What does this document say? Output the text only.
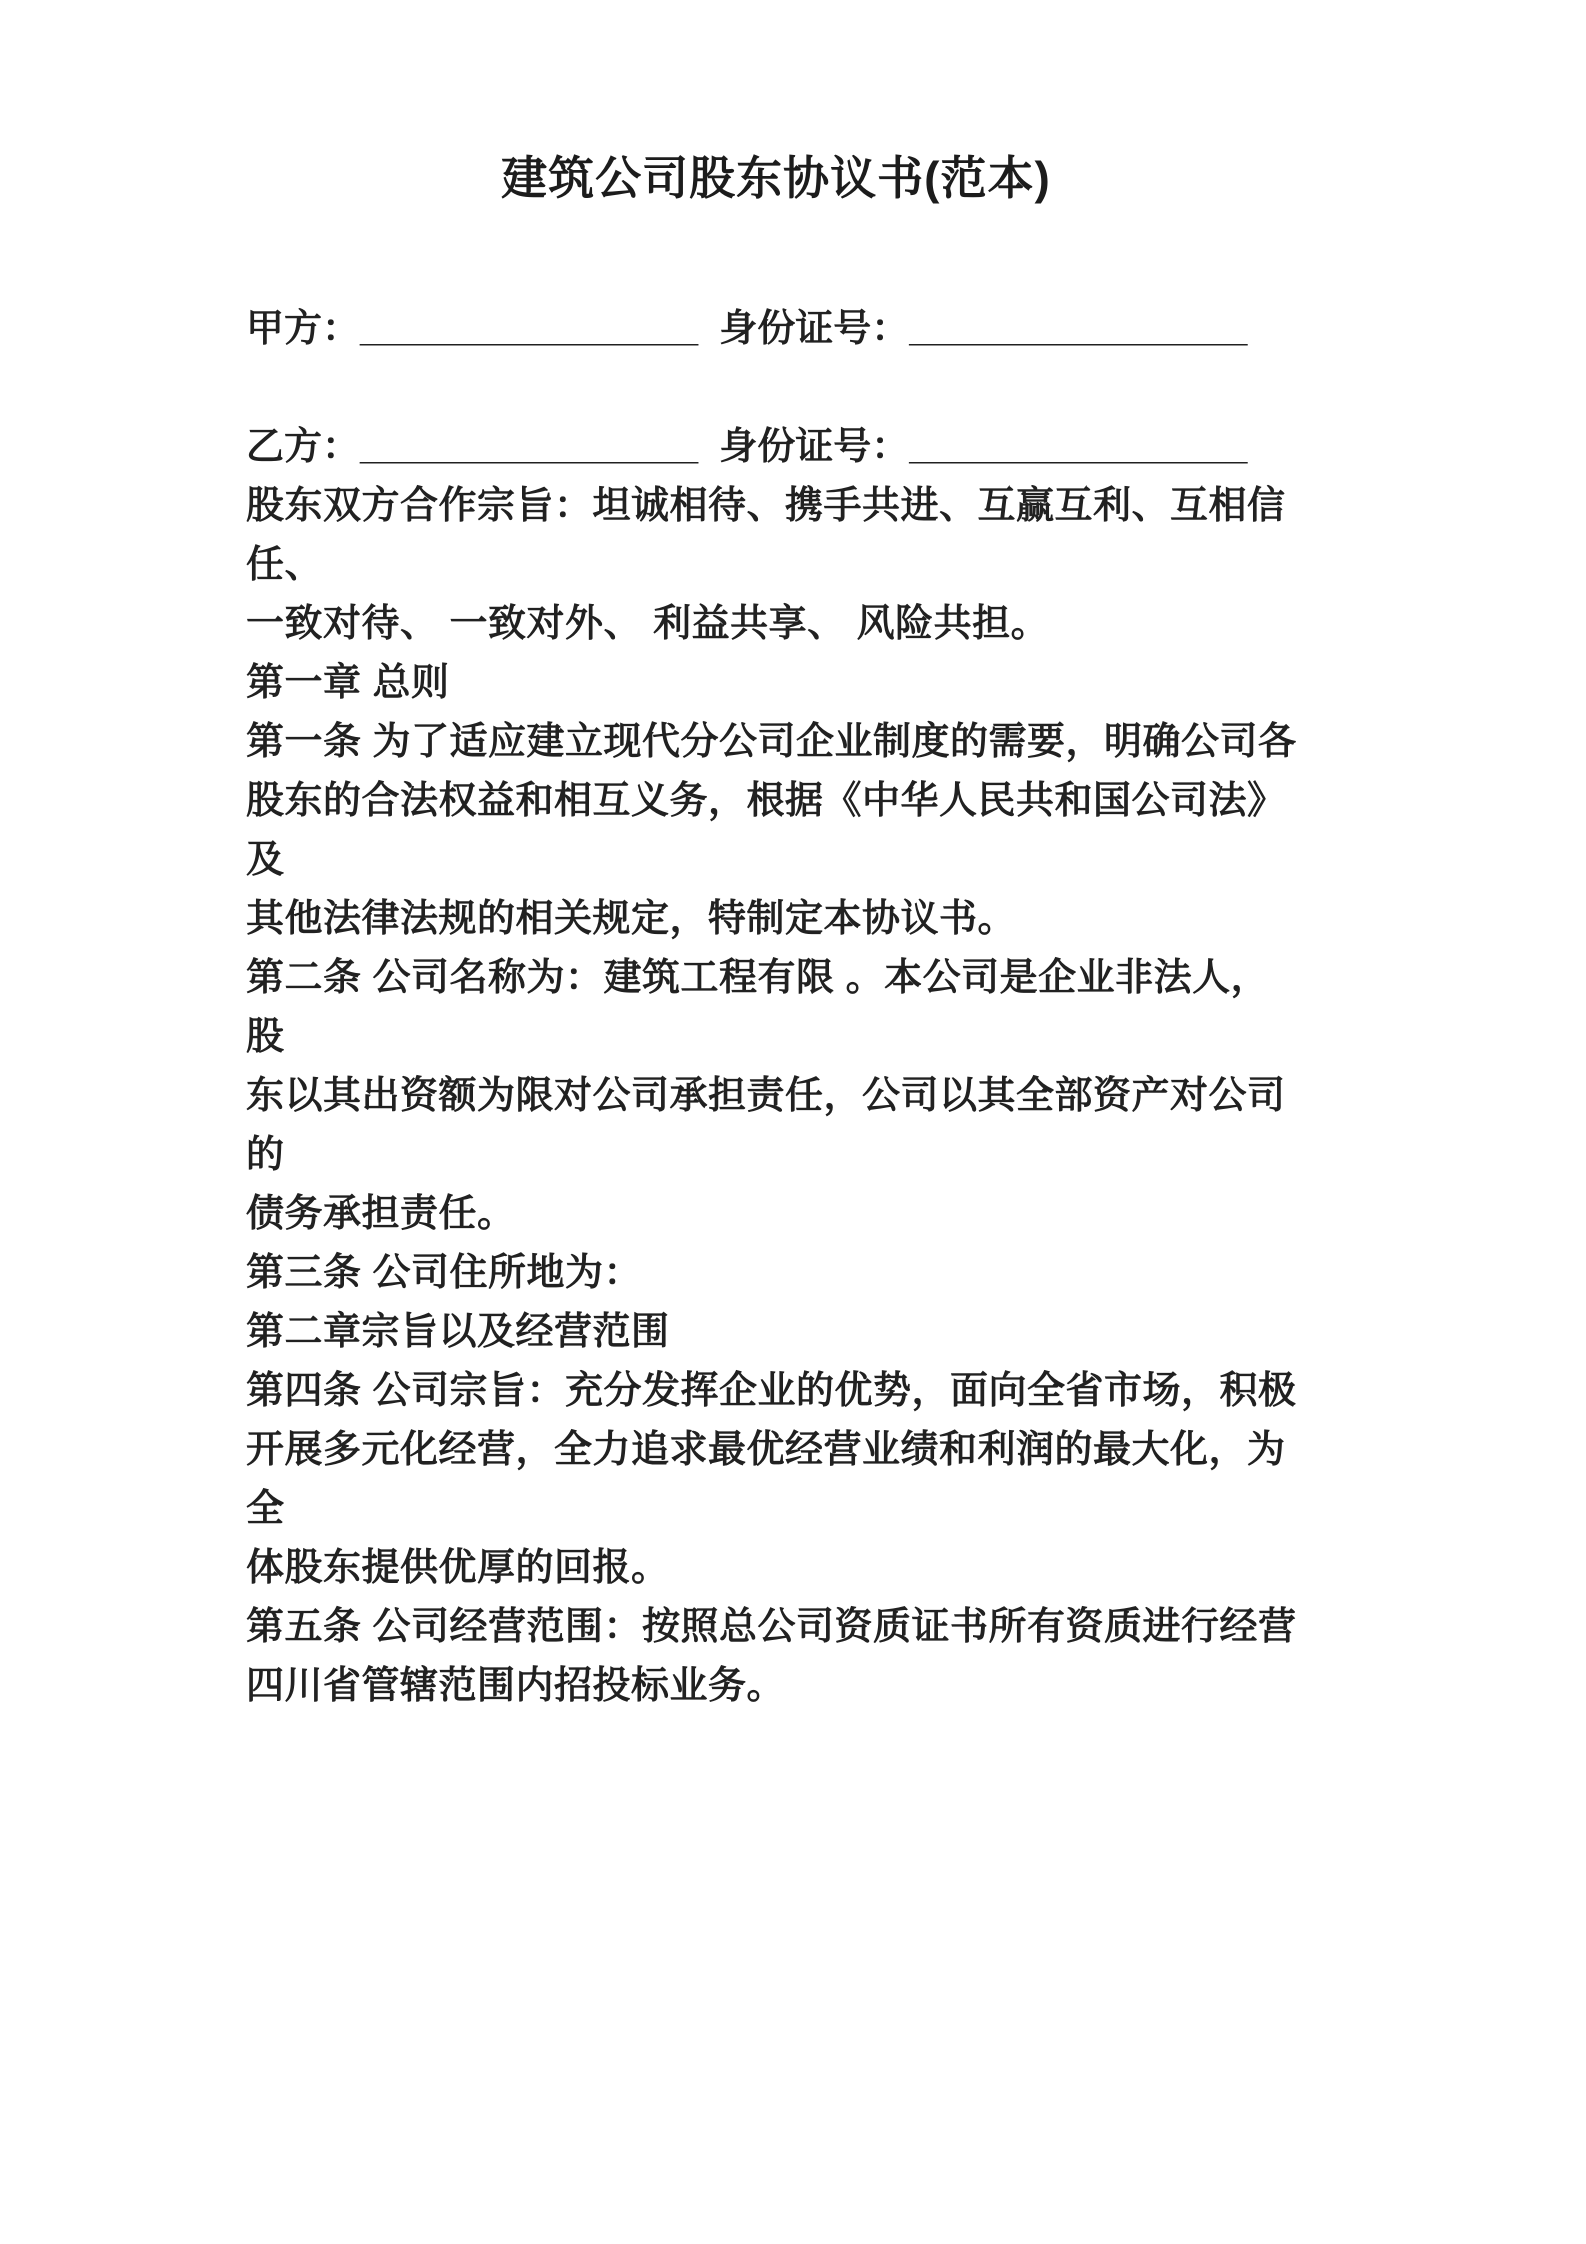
建筑公司股东协议书(范本)
甲方：________________  身份证号：________________
乙方：________________  身份证号：________________
股东双方合作宗旨：坦诚相待、携手共进、互赢互利、互相信任、
一致对待、 一致对外、 利益共享、 风险共担。
第一章 总则
第一条 为了适应建立现代分公司企业制度的需要，明确公司各
股东的合法权益和相互义务，根据《中华人民共和国公司法》及
其他法律法规的相关规定，特制定本协议书。
第二条 公司名称为：建筑工程有限 。本公司是企业非法人，股
东以其出资额为限对公司承担责任，公司以其全部资产对公司的
债务承担责任。
第三条 公司住所地为：
第二章宗旨以及经营范围
第四条 公司宗旨：充分发挥企业的优势，面向全省市场，积极
开展多元化经营，全力追求最优经营业绩和利润的最大化，为全
体股东提供优厚的回报。
第五条 公司经营范围：按照总公司资质证书所有资质进行经营
四川省管辖范围内招投标业务。
